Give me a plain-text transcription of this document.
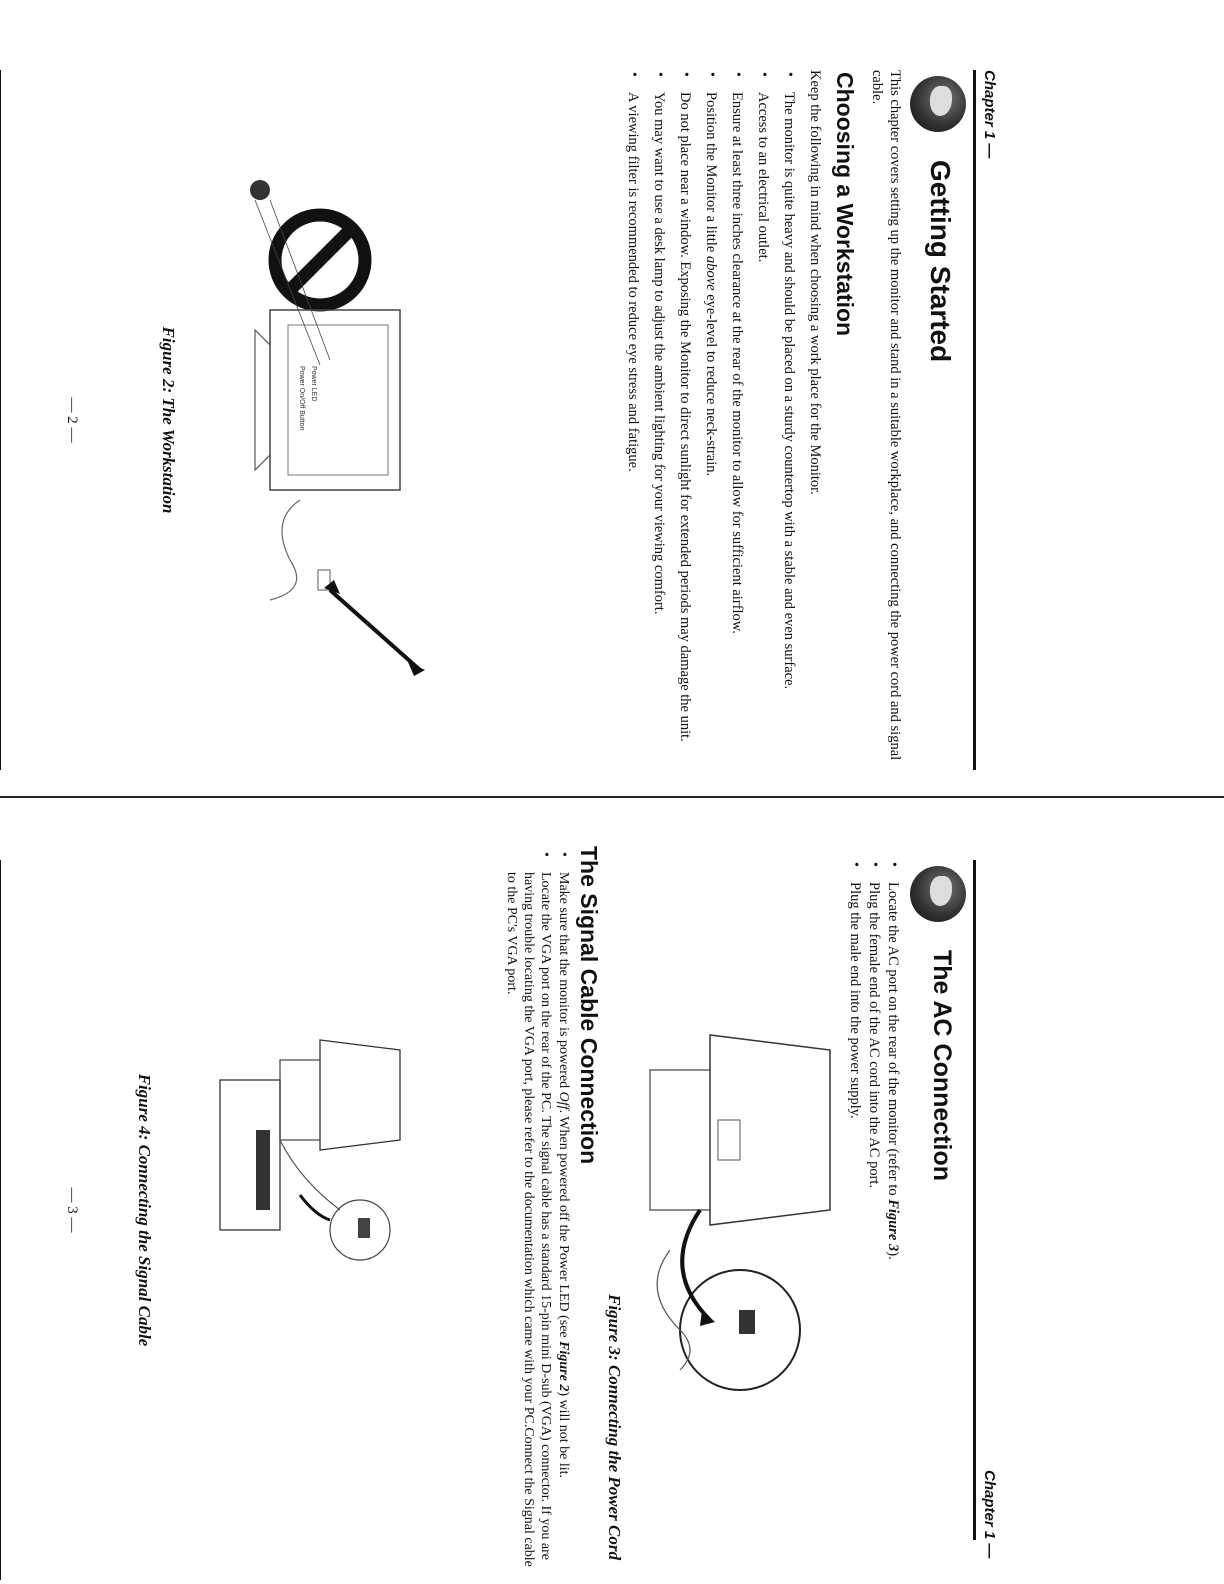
Chapter 1 —
Getting Started
This chapter covers setting up the monitor and stand in a suitable workplace, and connecting the power cord and signal cable.
Choosing a Workstation
Keep the following in mind when choosing a work place for the Monitor.
• The monitor is quite heavy and should be placed on a sturdy countertop with a stable and even surface.
• Access to an electrical outlet.
• Ensure at least three inches clearance at the rear of the monitor to allow for sufficient airflow.
• Position the Monitor a little above eye-level to reduce neck-strain.
• Do not place near a window. Exposing the Monitor to direct sunlight for extended periods may damage the unit.
• You may want to use a desk lamp to adjust the ambient lighting for your viewing comfort.
• A viewing filter is recommended to reduce eye stress and fatigue.
Power LED
Power On/Off Button
Figure 2: The Workstation
— 2 —
Chapter 1 —
The AC Connection
• Locate the AC port on the rear of the monitor (refer to Figure 3).
• Plug the female end of the AC cord into the AC port.
• Plug the male end into the power supply.
Figure 3: Connecting the Power Cord
The Signal Cable Connection
• Make sure that the monitor is powered Off. When powered off the Power LED (see Figure 2) will not be lit.
• Locate the VGA port on the rear of the PC. The signal cable has a standard 15-pin mini D-sub (VGA) connector. If you are having trouble locating the VGA port, please refer to the documentation which came with your PC.Connect the Signal cable to the PC's VGA port.
Figure 4: Connecting the Signal Cable
— 3 —
